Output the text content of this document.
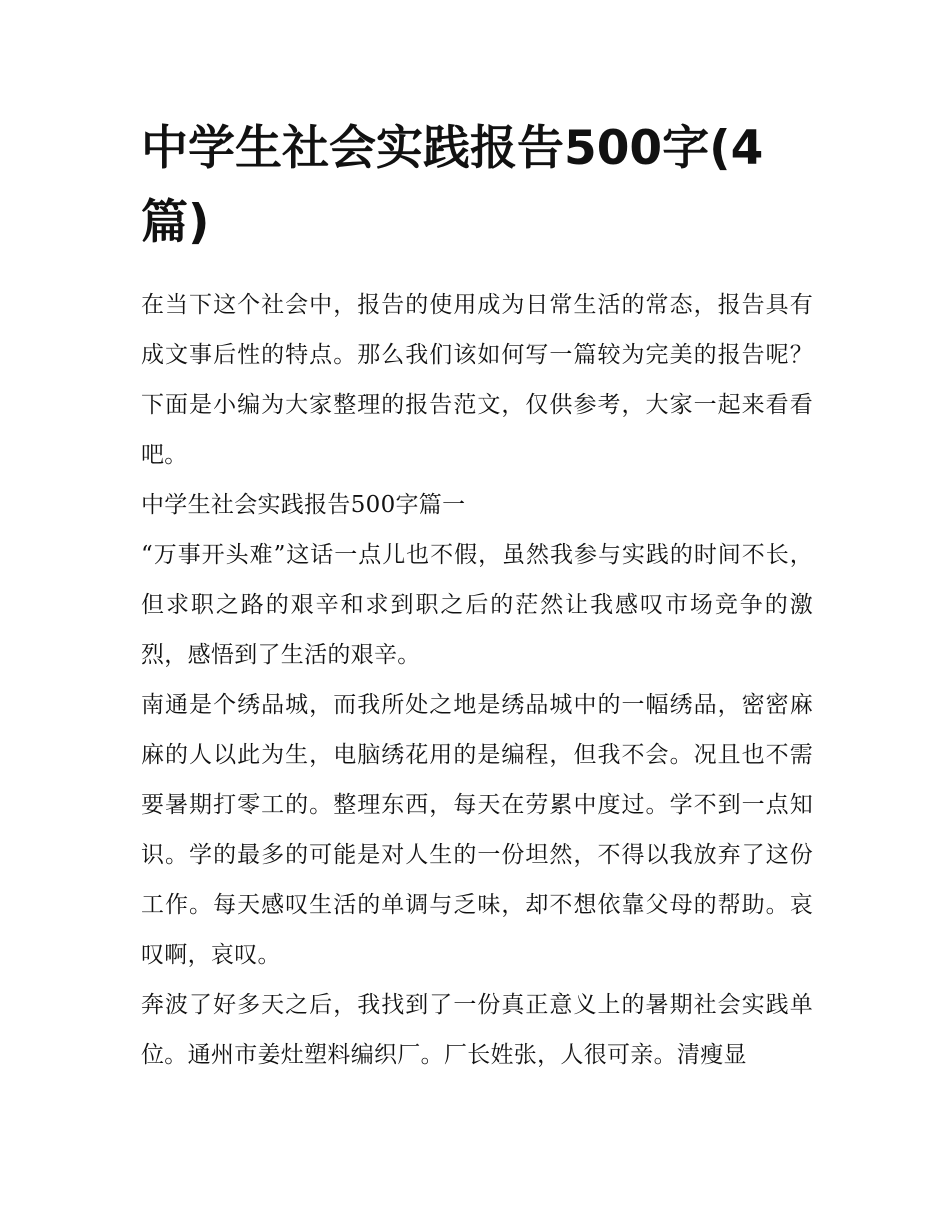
中学生社会实践报告500字(4篇)

在当下这个社会中，报告的使用成为日常生活的常态，报告具有成文事后性的特点。那么我们该如何写一篇较为完美的报告呢？下面是小编为大家整理的报告范文，仅供参考，大家一起来看看吧。

中学生社会实践报告500字篇一

“万事开头难”这话一点儿也不假，虽然我参与实践的时间不长，但求职之路的艰辛和求到职之后的茫然让我感叹市场竞争的激烈，感悟到了生活的艰辛。

南通是个绣品城，而我所处之地是绣品城中的一幅绣品，密密麻麻的人以此为生，电脑绣花用的是编程，但我不会。况且也不需要暑期打零工的。整理东西，每天在劳累中度过。学不到一点知识。学的最多的可能是对人生的一份坦然，不得以我放弃了这份工作。每天感叹生活的单调与乏味，却不想依靠父母的帮助。哀叹啊，哀叹。

奔波了好多天之后，我找到了一份真正意义上的暑期社会实践单位。通州市姜灶塑料编织厂。厂长姓张，人很可亲。清瘦显
